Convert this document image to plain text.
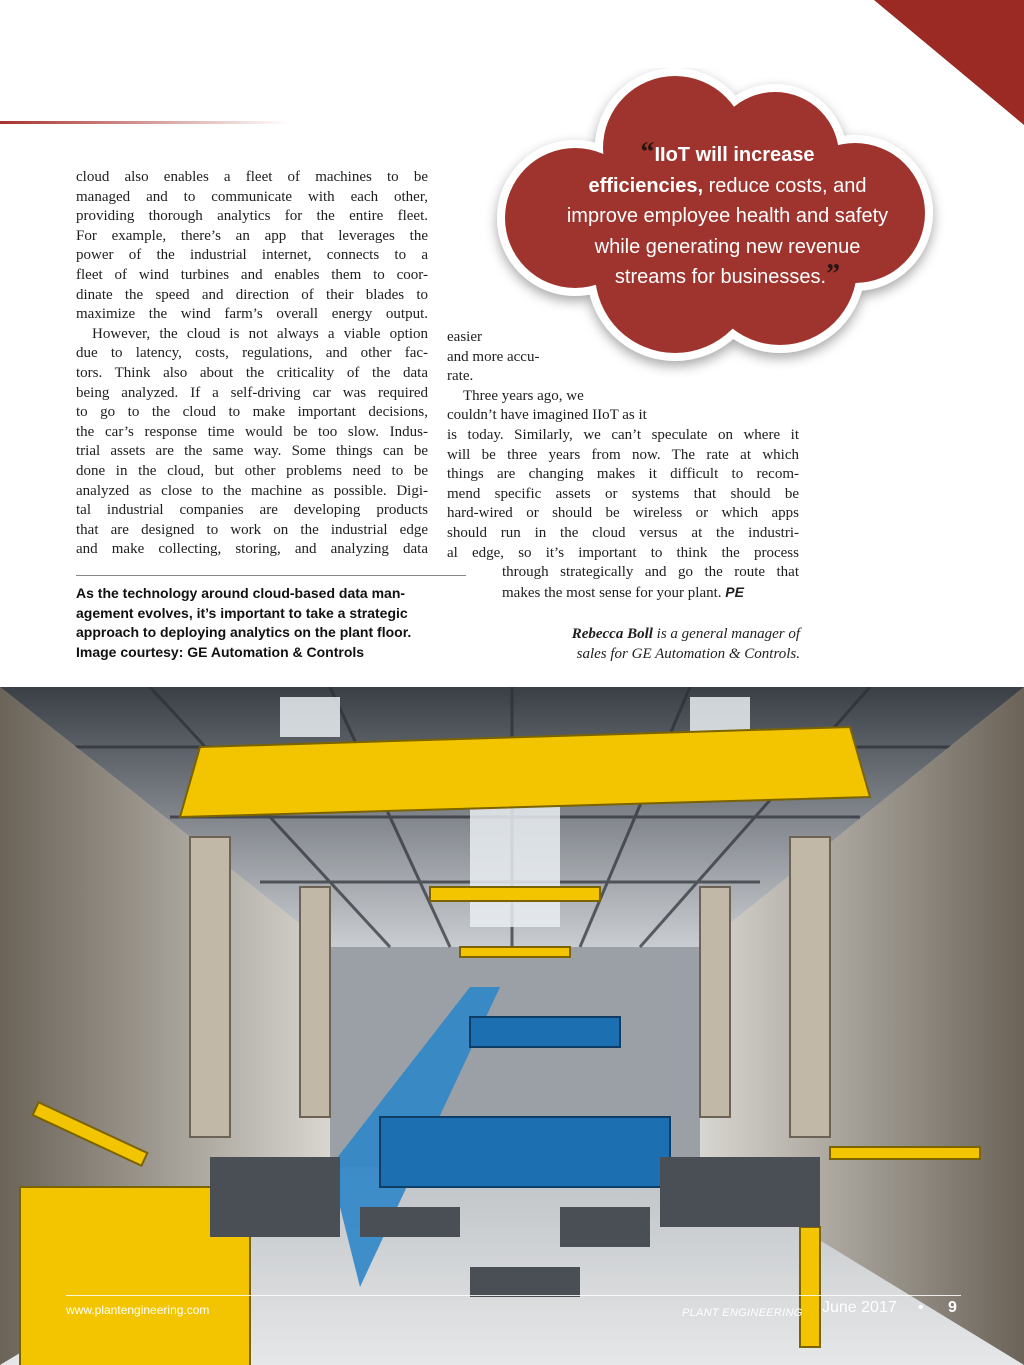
cloud also enables a fleet of machines to be
managed and to communicate with each other,
providing thorough analytics for the entire fleet.
For example, there’s an app that leverages the
power of the industrial internet, connects to a
fleet of wind turbines and enables them to coor-
dinate the speed and direction of their blades to
maximize the wind farm’s overall energy output.
However, the cloud is not always a viable option
due to latency, costs, regulations, and other fac-
tors. Think also about the criticality of the data
being analyzed. If a self-driving car was required
to go to the cloud to make important decisions,
the car’s response time would be too slow. Indus-
trial assets are the same way. Some things can be
done in the cloud, but other problems need to be
analyzed as close to the machine as possible. Digi-
tal industrial companies are developing products
that are designed to work on the industrial edge
and make collecting, storing, and analyzing data

easier
and more accu-
rate.
Three years ago, we
couldn’t have imagined IIoT as it
is today. Similarly, we can’t speculate on where it
will be three years from now. The rate at which
things are changing makes it difficult to recom-
mend specific assets or systems that should be
hard-wired or should be wireless or which apps
should run in the cloud versus at the industri-
al edge, so it’s important to think the process
through strategically and go the route that
makes the most sense for your plant. PE

“IIoT will increase
efficiencies, reduce costs, and
improve employee health and safety
while generating new revenue
streams for businesses.”

As the technology around cloud-based data man-
agement evolves, it’s important to take a strategic
approach to deploying analytics on the plant floor.
Image courtesy: GE Automation & Controls

Rebecca Boll is a general manager of
sales for GE Automation & Controls.

www.plantengineering.com	PLANT ENGINEERING June 2017 • 9
